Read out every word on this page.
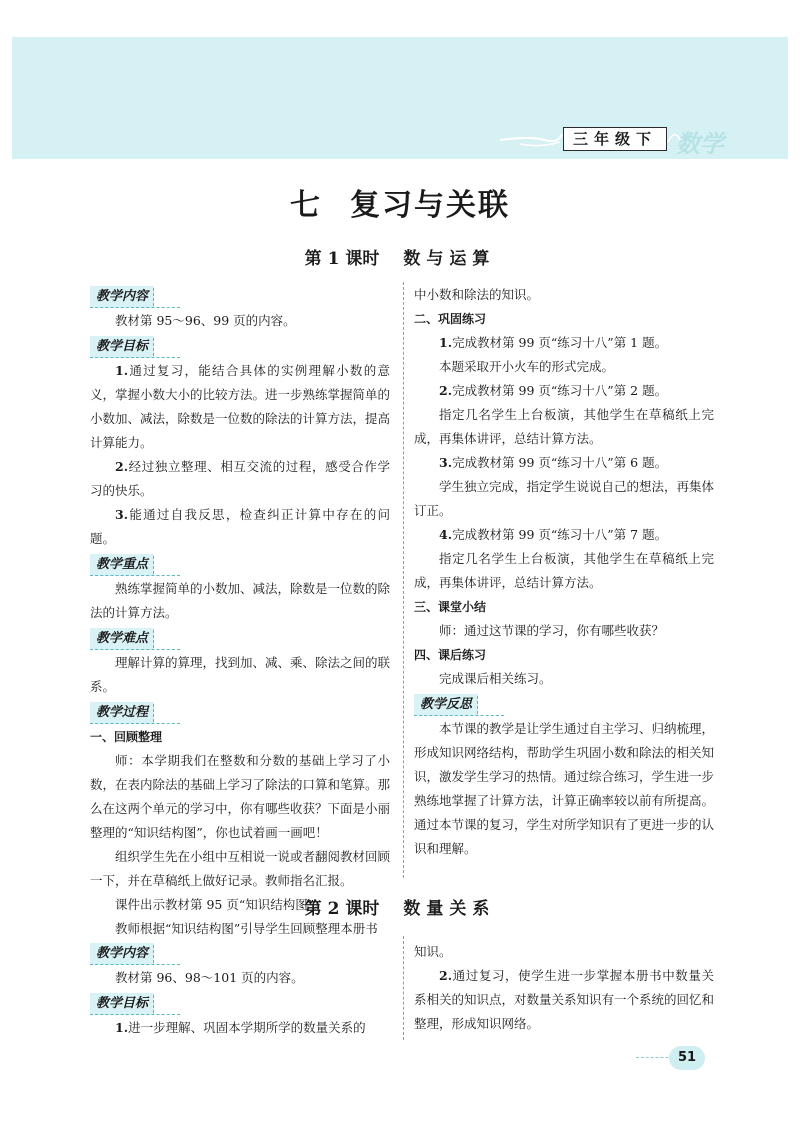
三年级下 数学
七 复习与关联
第 1 课时 数与运算
教学内容

教材第 95～96、99 页的内容。

教学目标

1.通过复习，能结合具体的实例理解小数的意义，掌握小数大小的比较方法。进一步熟练掌握简单的小数加、减法，除数是一位数的除法的计算方法，提高计算能力。

2.经过独立整理、相互交流的过程，感受合作学习的快乐。

3.能通过自我反思，检查纠正计算中存在的问题。

教学重点

熟练掌握简单的小数加、减法，除数是一位数的除法的计算方法。

教学难点

理解计算的算理，找到加、减、乘、除法之间的联系。

教学过程

一、回顾整理

师：本学期我们在整数和分数的基础上学习了小数，在表内除法的基础上学习了除法的口算和笔算。那么在这两个单元的学习中，你有哪些收获？下面是小丽整理的“知识结构图”，你也试着画一画吧！

组织学生先在小组中互相说一说或者翻阅教材回顾一下，并在草稿纸上做好记录。教师指名汇报。

课件出示教材第 95 页“知识结构图”。

教师根据“知识结构图”引导学生回顾整理本册书

中小数和除法的知识。

二、巩固练习

1.完成教材第 99 页“练习十八”第 1 题。

本题采取开小火车的形式完成。

2.完成教材第 99 页“练习十八”第 2 题。

指定几名学生上台板演，其他学生在草稿纸上完成，再集体讲评，总结计算方法。

3.完成教材第 99 页“练习十八”第 6 题。

学生独立完成，指定学生说说自己的想法，再集体订正。

4.完成教材第 99 页“练习十八”第 7 题。

指定几名学生上台板演，其他学生在草稿纸上完成，再集体讲评，总结计算方法。

三、课堂小结

师：通过这节课的学习，你有哪些收获？

四、课后练习

完成课后相关练习。

教学反思

本节课的教学是让学生通过自主学习、归纳梳理，形成知识网络结构，帮助学生巩固小数和除法的相关知识，激发学生学习的热情。通过综合练习，学生进一步熟练地掌握了计算方法，计算正确率较以前有所提高。通过本节课的复习，学生对所学知识有了更进一步的认识和理解。

第 2 课时 数量关系
教学内容

教材第 96、98～101 页的内容。

教学目标

1.进一步理解、巩固本学期所学的数量关系的

知识。

2.通过复习，使学生进一步掌握本册书中数量关系相关的知识点，对数量关系知识有一个系统的回忆和整理，形成知识网络。

51
